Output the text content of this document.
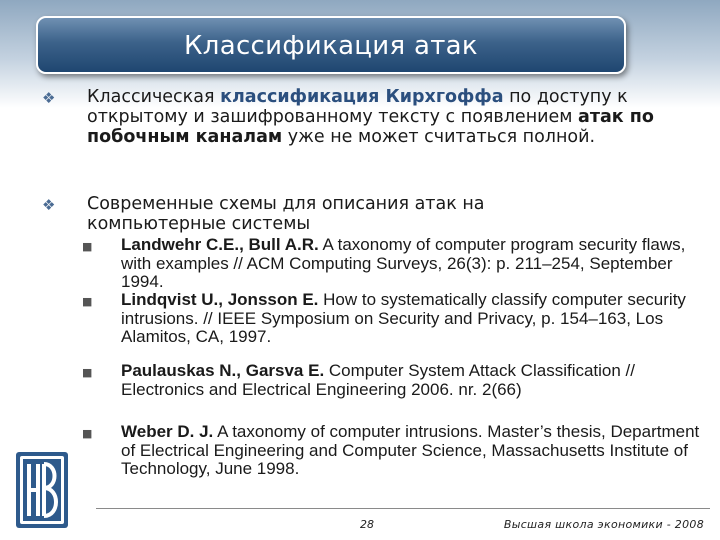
Классификация атак
❖	Классическая классификация Кирхгоффа по доступу к открытому и зашифрованному тексту с появлением атак по побочным каналам уже не может считаться полной.
❖	Современные схемы для описания атак на компьютерные системы
■ Landwehr C.E., Bull A.R. A taxonomy of computer program security flaws, with examples // ACM Computing Surveys, 26(3): p. 211–254, September 1994.
■ Lindqvist U., Jonsson E. How to systematically classify computer security intrusions. // IEEE Symposium on Security and Privacy, p. 154–163, Los Alamitos, CA, 1997.
■ Paulauskas N., Garsva E. Computer System Attack Classification // Electronics and Electrical Engineering 2006. nr. 2(66)
■ Weber D. J. A taxonomy of computer intrusions. Master’s thesis, Department of Electrical Engineering and Computer Science, Massachusetts Institute of Technology, June 1998.
28	Высшая школа экономики - 2008
